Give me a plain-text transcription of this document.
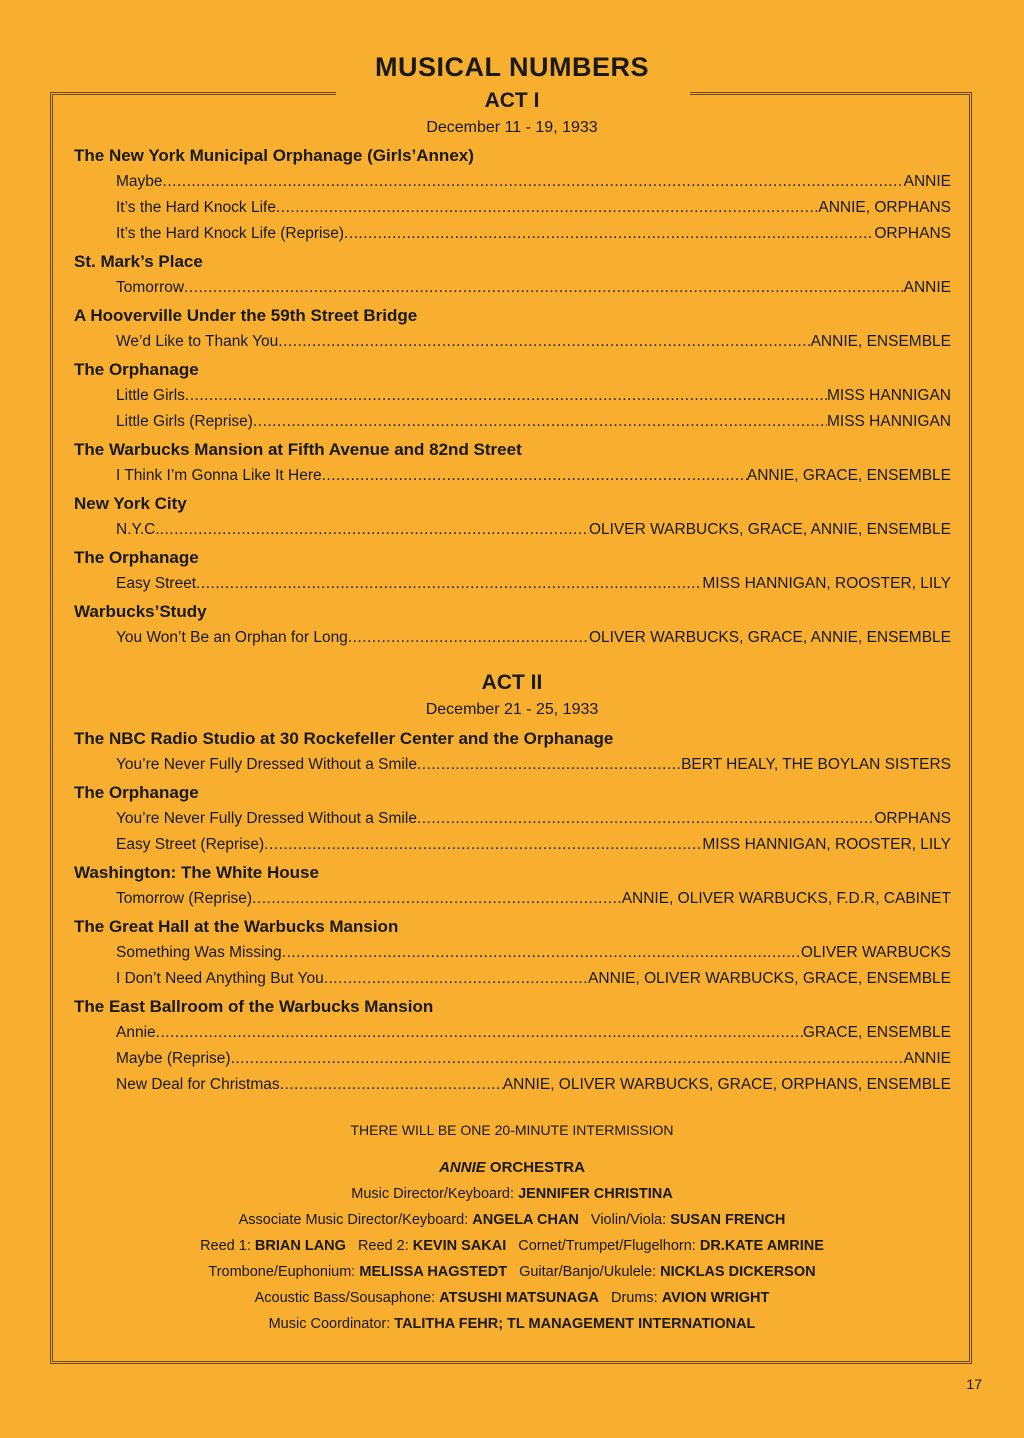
MUSICAL NUMBERS
ACT I
December 11 - 19, 1933
The New York Municipal Orphanage (Girls’Annex)
Maybe .....	ANNIE
It’s the Hard Knock Life .....	ANNIE, ORPHANS
It’s the Hard Knock Life (Reprise) .....	ORPHANS
St. Mark’s Place
Tomorrow .....	ANNIE
A Hooverville Under the 59th Street Bridge
We’d Like to Thank You .....	ANNIE, ENSEMBLE
The Orphanage
Little Girls .....	MISS HANNIGAN
Little Girls (Reprise) .....	MISS HANNIGAN
The Warbucks Mansion at Fifth Avenue and 82nd Street
I Think I’m Gonna Like It Here .....	ANNIE, GRACE, ENSEMBLE
New York City
N.Y.C. .....	OLIVER WARBUCKS, GRACE, ANNIE, ENSEMBLE
The Orphanage
Easy Street .....	MISS HANNIGAN, ROOSTER, LILY
Warbucks’Study
You Won’t Be an Orphan for Long .....	OLIVER WARBUCKS, GRACE, ANNIE, ENSEMBLE
ACT II
December 21 - 25, 1933
The NBC Radio Studio at 30 Rockefeller Center and the Orphanage
You’re Never Fully Dressed Without a Smile .....	BERT HEALY, THE BOYLAN SISTERS
The Orphanage
You’re Never Fully Dressed Without a Smile .....	ORPHANS
Easy Street (Reprise) .....	MISS HANNIGAN, ROOSTER, LILY
Washington: The White House
Tomorrow (Reprise) .....	ANNIE, OLIVER WARBUCKS, F.D.R, CABINET
The Great Hall at the Warbucks Mansion
Something Was Missing .....	OLIVER WARBUCKS
I Don’t Need Anything But You .....	ANNIE, OLIVER WARBUCKS, GRACE, ENSEMBLE
The East Ballroom of the Warbucks Mansion
Annie .....	GRACE, ENSEMBLE
Maybe (Reprise) .....	ANNIE
New Deal for Christmas .....	ANNIE, OLIVER WARBUCKS, GRACE, ORPHANS, ENSEMBLE
THERE WILL BE ONE 20-MINUTE INTERMISSION
ANNIE ORCHESTRA
Music Director/Keyboard: JENNIFER CHRISTINA
Associate Music Director/Keyboard: ANGELA CHAN Violin/Viola: SUSAN FRENCH
Reed 1: BRIAN LANG Reed 2: KEVIN SAKAI Cornet/Trumpet/Flugelhorn: DR.KATE AMRINE
Trombone/Euphonium: MELISSA HAGSTEDT Guitar/Banjo/Ukulele: NICKLAS DICKERSON
Acoustic Bass/Sousaphone: ATSUSHI MATSUNAGA Drums: AVION WRIGHT
Music Coordinator: TALITHA FEHR; TL MANAGEMENT INTERNATIONAL
17
